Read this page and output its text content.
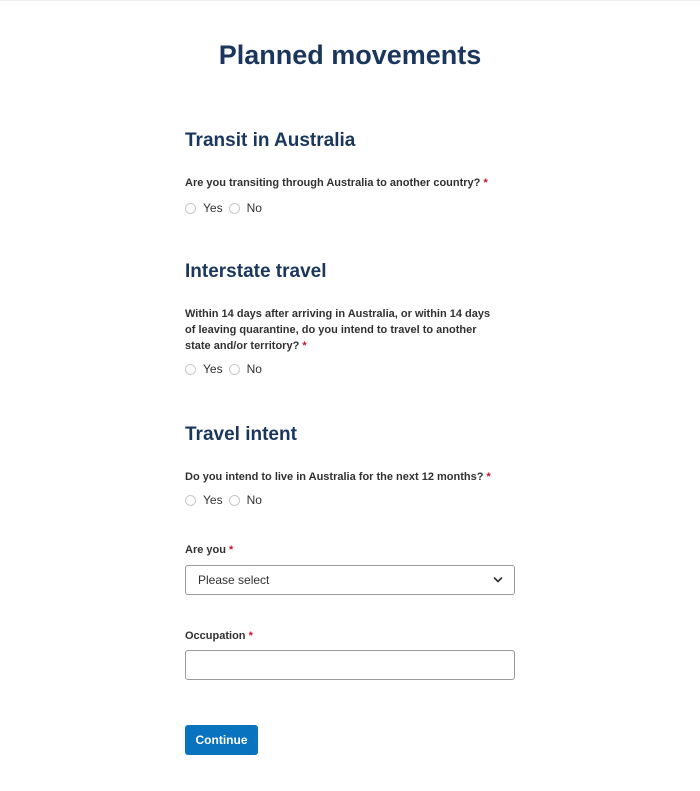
Planned movements
Transit in Australia
Are you transiting through Australia to another country? *
Yes No
Interstate travel
Within 14 days after arriving in Australia, or within 14 days of leaving quarantine, do you intend to travel to another state and/or territory? *
Yes No
Travel intent
Do you intend to live in Australia for the next 12 months? *
Yes No
Are you *
Please select
Occupation *
Continue
